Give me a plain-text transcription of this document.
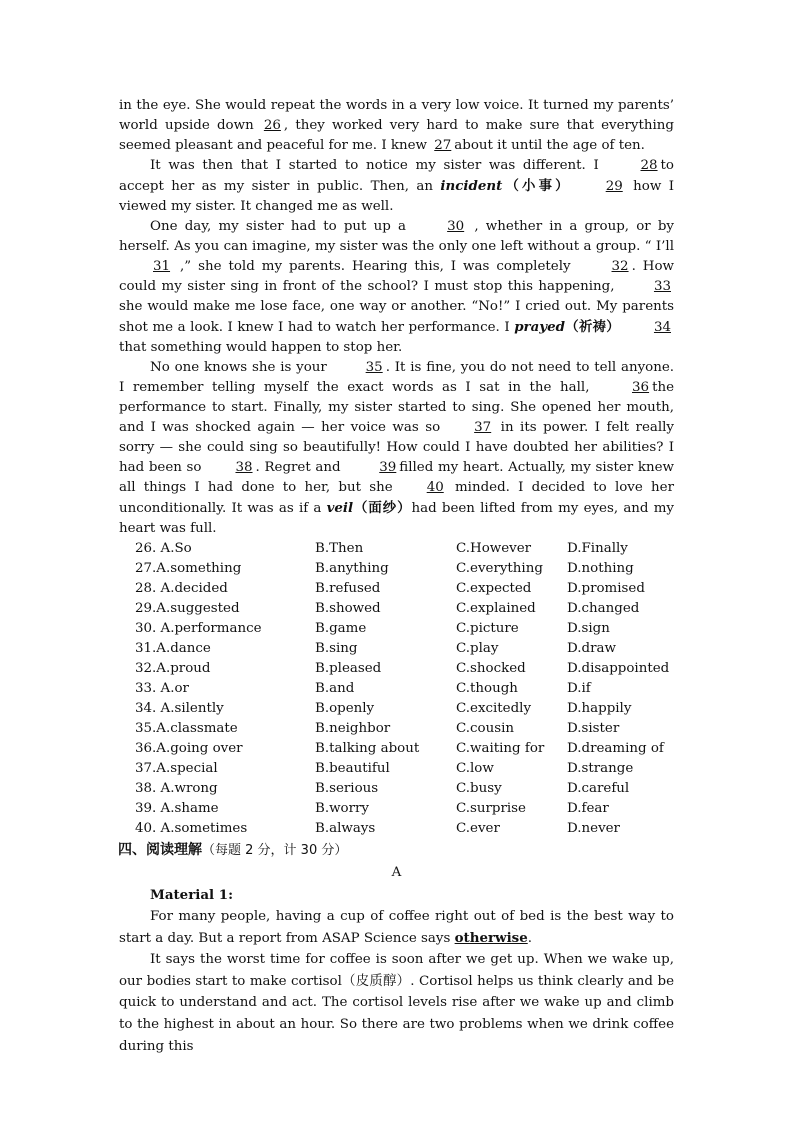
in the eye. She would repeat the words in a very low voice. It turned my parents’ world upside down 26 , they worked very hard to make sure that everything seemed pleasant and peaceful for me. I knew 27 about it until the age of ten.

It was then that I started to notice my sister was different. I	28 to accept her as my sister in public. Then, an incident（小事）	29 how I viewed my sister. It changed me as well.

One day, my sister had to put up a	30 , whether in a group, or by herself. As you can imagine, my sister was the only one left without a group. “ I’ll 31 ,” she told my parents. Hearing this, I was completely	32 . How could my sister sing in front of the school? I must stop this happening,	33she would make me lose face, one way or another. “No!” I cried out. My parents shot me a look. I knew I had to watch her performance. I prayed（祈祷）	34that something would happen to stop her.

No one knows she is your	35 . It is fine, you do not need to tell anyone. I remember telling myself the exact words as I sat in the hall,	36 the performance to start. Finally, my sister started to sing. She opened her mouth, and I was shocked again — her voice was so	37 in its power. I felt really sorry — she could sing so beautifully! How could I have doubted her abilities? I had been so	38 . Regret and	39 filled my heart. Actually, my sister knew all things I had done to her, but she	40 minded. I decided to love her unconditionally. It was as if a veil（面纱）had been lifted from my eyes, and my heart was full.

26. A.So	B.Then	C.However	D.Finally
27.A.something	B.anything	C.everything D.nothing
28. A.decided	B.refused	C.expected	D.promised
29.A.suggested	B.showed	C.explained D.changed
30. A.performance	B.game	C.picture	D.sign
31.A.dance	B.sing	C.play	D.draw
32.A.proud	B.pleased	C.shocked	D.disappointed
33. A.or	B.and	C.though	D.if
34. A.silently	B.openly	C.excitedly	D.happily
35.A.classmate	B.neighbor	C.cousin	D.sister
36.A.going over	B.talking about	C.waiting for D.dreaming of
37.A.special	B.beautiful	C.low	D.strange
38. A.wrong	B.serious	C.busy	D.careful
39. A.shame	B.worry	C.surprise	D.fear
40. A.sometimes	B.always	C.ever	D.never
四、阅读理解（每题 2 分，计 30 分）
A
Material 1:

For many people, having a cup of coffee right out of bed is the best way to start a day. But a report from ASAP Science says otherwise.

It says the worst time for coffee is soon after we get up. When we wake up, our bodies start to make cortisol（皮质醇）. Cortisol helps us think clearly and be quick to understand and act. The cortisol levels rise after we wake up and climb to the highest in about an hour. So there are two problems when we drink coffee during this
